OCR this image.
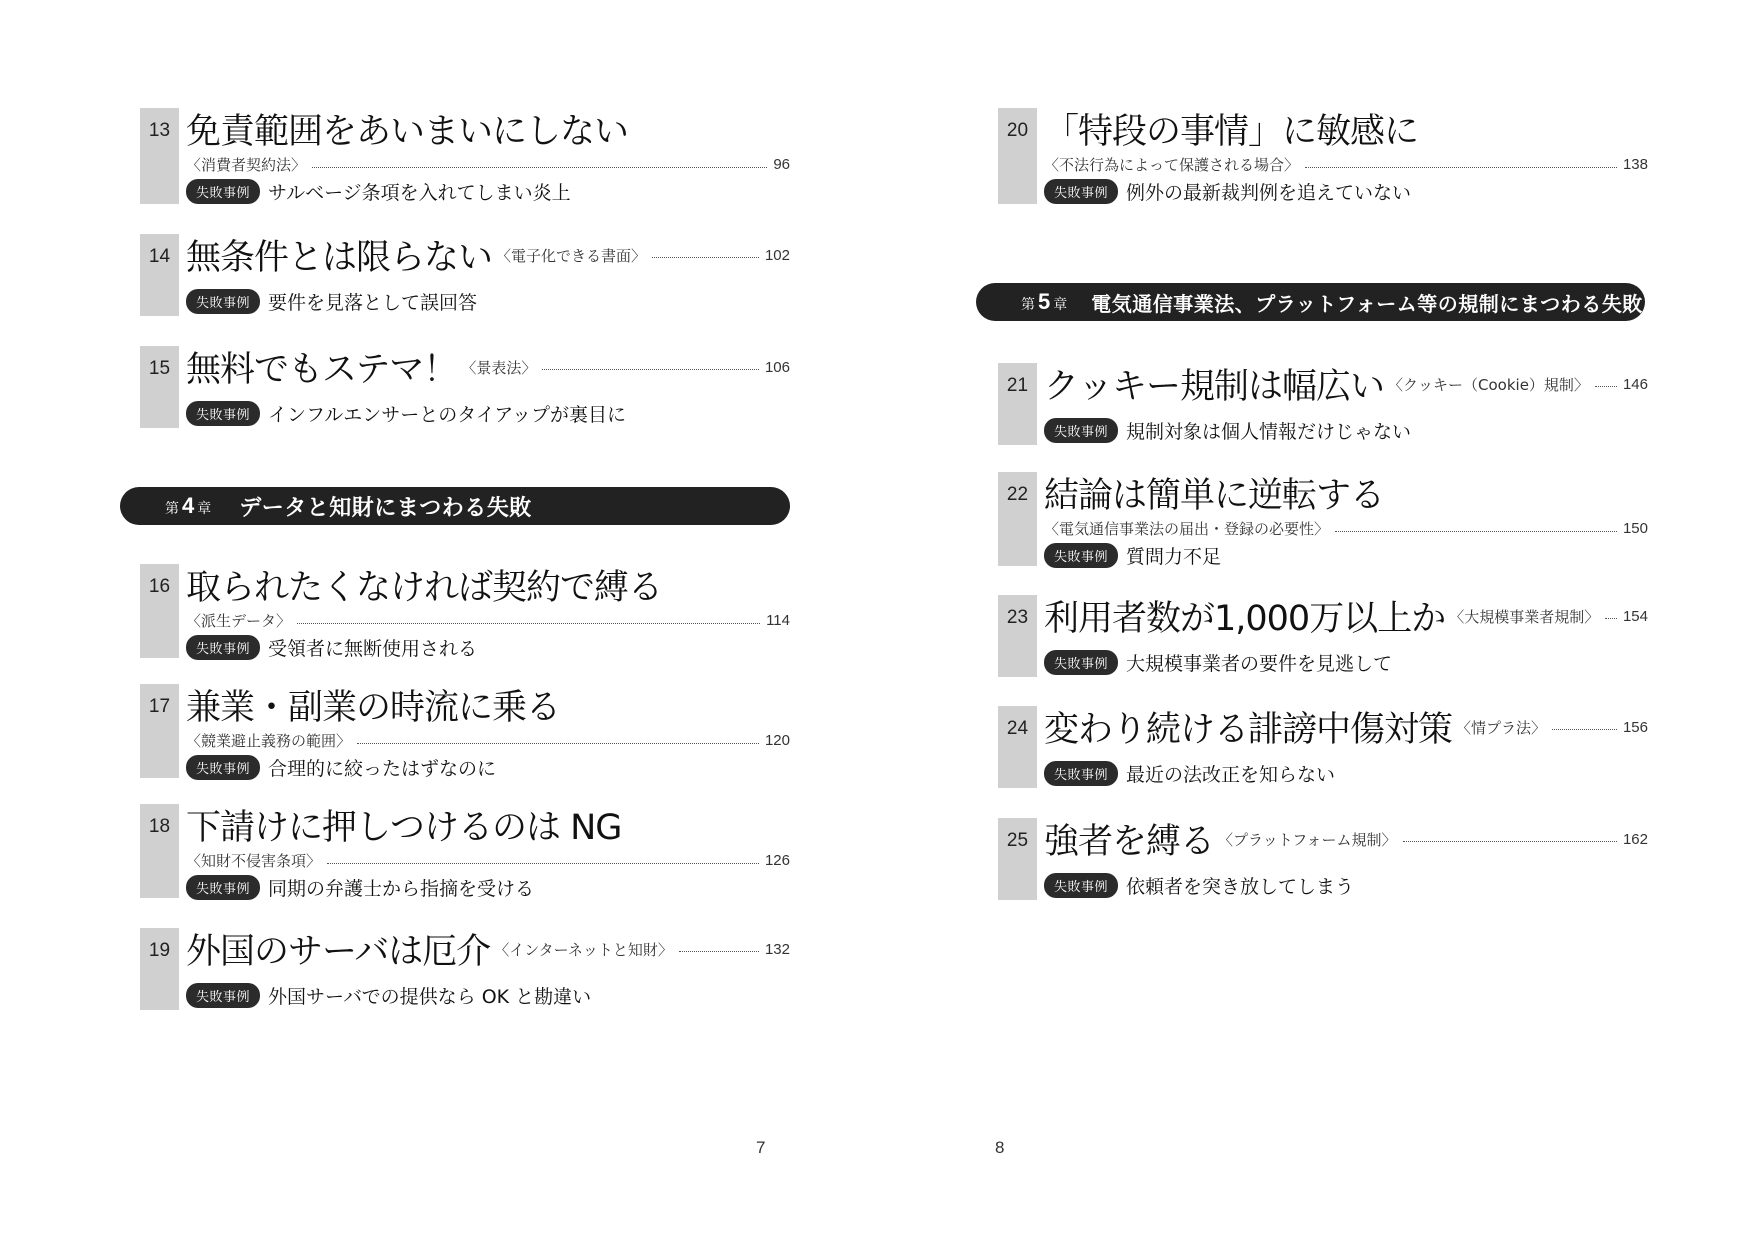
13 免責範囲をあいまいにしない
〈消費者契約法〉	96
失敗事例 サルベージ条項を入れてしまい炎上
14 無条件とは限らない 〈電子化できる書面〉	102
失敗事例 要件を見落として誤回答
15 無料でもステマ！ 〈景表法〉	106
失敗事例 インフルエンサーとのタイアップが裏目に
第 4 章 データと知財にまつわる失敗
16 取られたくなければ契約で縛る
〈派生データ〉	114
失敗事例 受領者に無断使用される
17 兼業・副業の時流に乗る
〈競業避止義務の範囲〉	120
失敗事例 合理的に絞ったはずなのに
18 下請けに押しつけるのは NG
〈知財不侵害条項〉	126
失敗事例 同期の弁護士から指摘を受ける
19 外国のサーバは厄介 〈インターネットと知財〉	132
失敗事例 外国サーバでの提供なら OK と勘違い
7
20 「特段の事情」に敏感に
〈不法行為によって保護される場合〉	138
失敗事例 例外の最新裁判例を追えていない
第 5 章 電気通信事業法、プラットフォーム等の規制にまつわる失敗
21 クッキー規制は幅広い 〈クッキー（Cookie）規制〉 146
失敗事例 規制対象は個人情報だけじゃない
22 結論は簡単に逆転する
〈電気通信事業法の届出・登録の必要性〉	150
失敗事例 質問力不足
23 利用者数が1,000万以上か 〈大規模事業者規制〉 154
失敗事例 大規模事業者の要件を見逃して
24 変わり続ける誹謗中傷対策 〈情プラ法〉	156
失敗事例 最近の法改正を知らない
25 強者を縛る 〈プラットフォーム規制〉	162
失敗事例 依頼者を突き放してしまう
8
